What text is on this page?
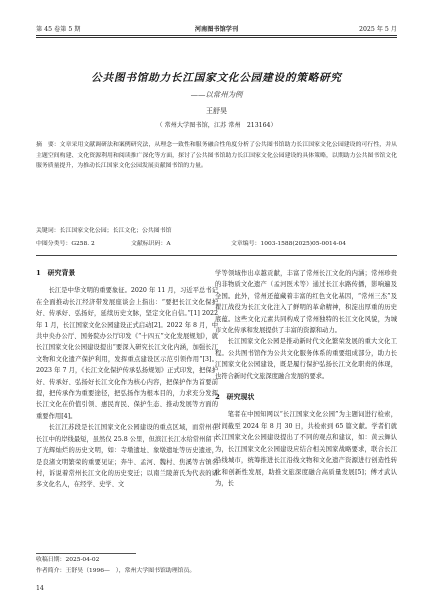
第 45 卷第 5 期	河南图书馆学刊	2025 年 5 月
公共图书馆助力长江国家文化公园建设的策略研究
——以常州为例
王舒昊
（ 常州大学图书馆，江苏 常州　213164）
摘　要：文章采用文献调研法和案例研究法，从理念一致性和服务融合性角度分析了公共图书馆助力长江国家文化公园建设的可行性，并从主题空间构建、文化资源利用和阅读推广深化等方面，探讨了公共图书馆助力长江国家文化公园建设的具体策略，以期助力公共图书馆文化服务质量提升，为推动长江国家文化公园发展贡献图书馆的力量。
关键词：长江国家文化公园；长江文化；公共图书馆
中图分类号：G258. 2	文献标识码：A	文章编号：1003-1588(2025)05-0014-04
1　研究背景

长江是中华文明的重要象征。2020 年 11 月，习近平总书记在全面推动长江经济带发展座谈会上指出：“要把长江文化保护好、传承好、弘扬好，延续历史文脉，坚定文化自信。”[1] 2022 年 1 月，长江国家文化公园建设正式启动[2]。2022 年 8 月，中共中央办公厅、国务院办公厅印发《“十四五”文化发展规划》，就长江国家文化公园建设提出“要深入研究长江文化内涵，加强长江文物和文化遗产保护利用，发挥重点建设区示范引领作用”[3]。2023 年 7 月，《长江文化保护传承弘扬规划》正式印发，把保护好、传承好、弘扬好长江文化作为核心内容，把保护作为首要前提，把传承作为重要途径，把弘扬作为根本目的，力求充分发挥长江文化在价值引领、惠民育民、保护生态、推动发展等方面的重要作用[4]。

长江江苏段是长江国家文化公园建设的重点区域，而常州在长江中的岸线最短，虽然仅 25.8 公里，但滨江长江水给常州留下了光辉灿烂的历史文明，如：寺墩遗址、象墩遗址等历史遗迹，是良渚文明繁荣的重要见证；奔牛、孟河、魏村、焦溪等古镇名村，诉说着常州长江文化的历史变迁；以南兰陵萧氏为代表的诸多文化名人，在经学、史学、文

学等领域作出卓越贡献，丰富了常州长江文化的内涵；常州珍贵的非物质文化遗产（孟河医术等）通过长江水路传播，影响遍及全国。此外，常州还蕴藏着丰富的红色文化基因，“常州三杰”及瞿江战役为长江文化注入了鲜明的革命精神，积淀出厚重的历史底蕴。这些文化元素共同构成了常州独特的长江文化风貌，为城市文化传承和发展提供了丰富的资源和动力。

长江国家文化公园是推动新时代文化繁荣发展的重大文化工程。公共图书馆作为公共文化服务体系的重要组成部分，助力长江国家文化公园建设，既是履行保护弘扬长江文化职责的体现，也符合新时代文旅深度融合发展的要求。

2　研究现状

笔者在中国知网以“长江国家文化公园”为主题词进行检索，时间截至 2024 年 8 月 30 日，共检索到 65 篇文献。学者们就长江国家文化公园建设提出了不同的观点和建议，如：黄云舞认为，长江国家文化公园建设应结合相关国家战略要求，联合长江沿线城市，统筹推进长江沿线文物和文化遗产资源进行创造性转化和创新性发展，助推文旅深度融合高质量发展[5]；傅才武认为，长

收稿日期：2025-04-02
作者简介：王舒昊（1996—　），常州大学图书馆助理馆员。
14
